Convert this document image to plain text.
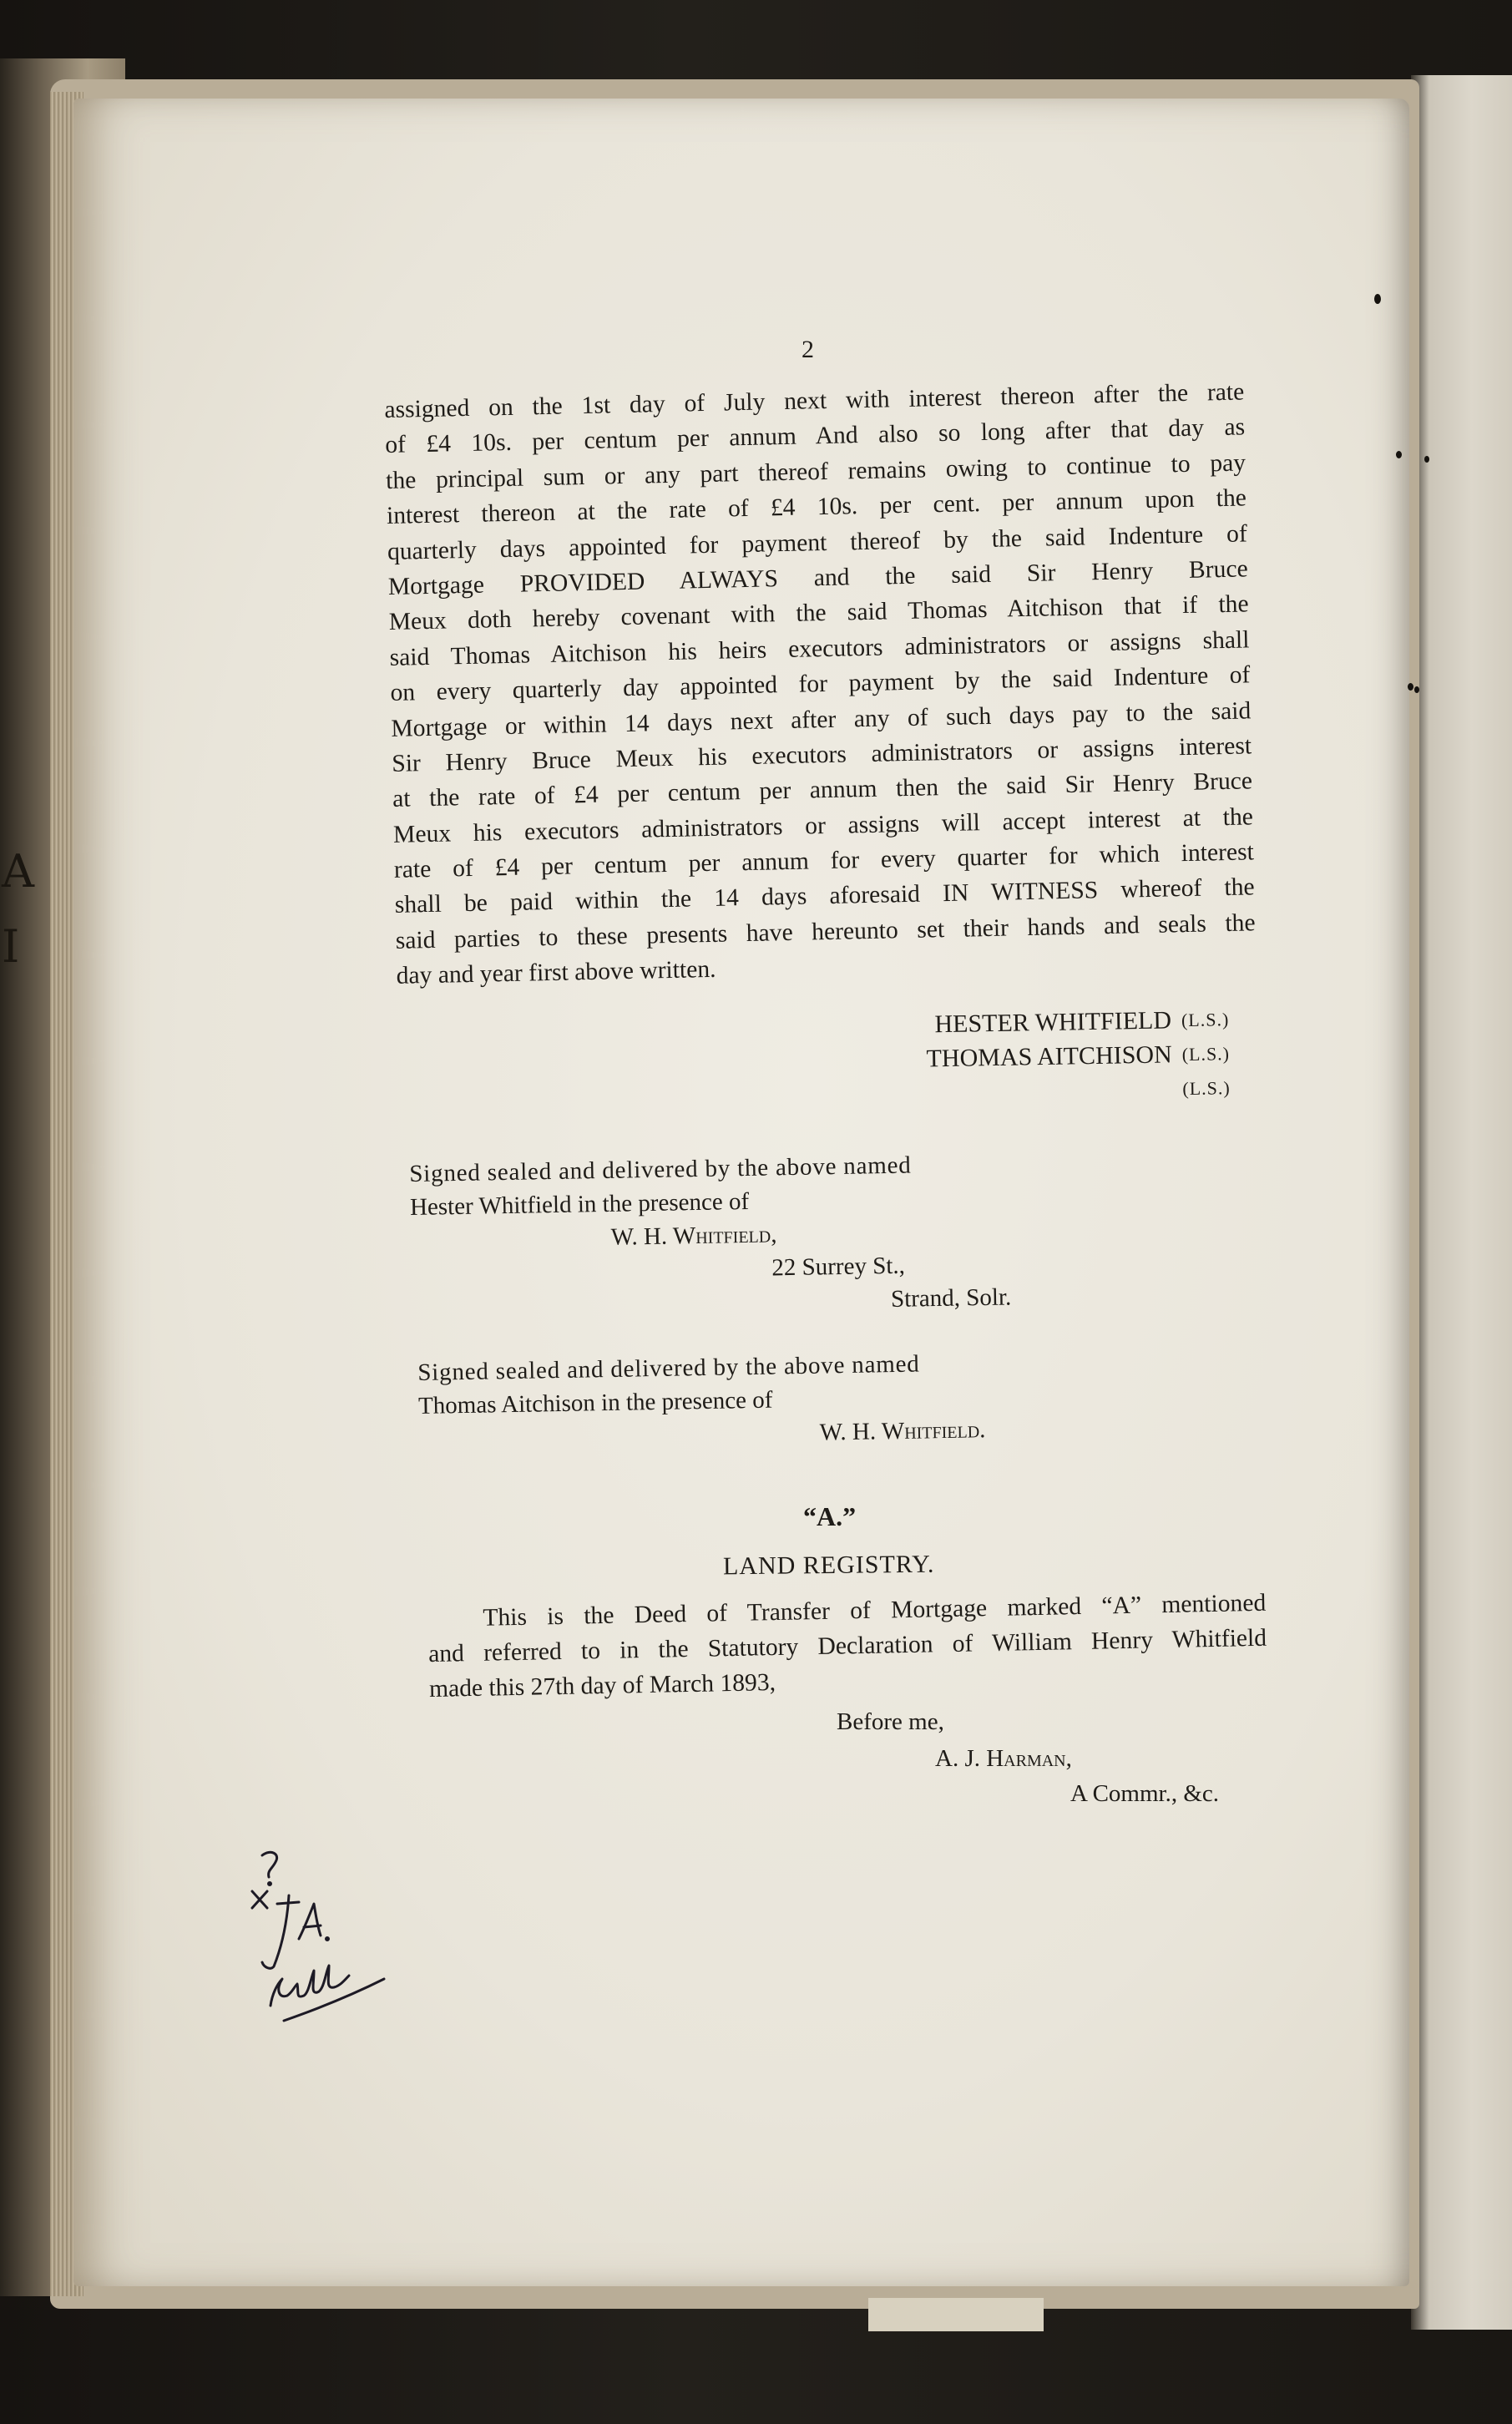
A
I
2
assigned on the 1st day of July next with interest thereon after the rate
of £4 10s. per centum per annum And also so long after that day as
the principal sum or any part thereof remains owing to continue to pay
interest thereon at the rate of £4 10s. per cent. per annum upon the
quarterly days appointed for payment thereof by the said Indenture of
Mortgage PROVIDED ALWAYS and the said Sir Henry Bruce
Meux doth hereby covenant with the said Thomas Aitchison that if the
said Thomas Aitchison his heirs executors administrators or assigns shall
on every quarterly day appointed for payment by the said Indenture of
Mortgage or within 14 days next after any of such days pay to the said
Sir Henry Bruce Meux his executors administrators or assigns interest
at the rate of £4 per centum per annum then the said Sir Henry Bruce
Meux his executors administrators or assigns will accept interest at the
rate of £4 per centum per annum for every quarter for which interest
shall be paid within the 14 days aforesaid IN WITNESS whereof the
said parties to these presents have hereunto set their hands and seals the
day and year first above written.
HESTER WHITFIELD (L.S.)
THOMAS AITCHISON (L.S.)
(L.S.)
Signed sealed and delivered by the above named
Hester Whitfield in the presence of
W. H. Whitfield,
22 Surrey St.,
Strand, Solr.
Signed sealed and delivered by the above named
Thomas Aitchison in the presence of
W. H. Whitfield.
“A.”
LAND REGISTRY.
This is the Deed of Transfer of Mortgage marked “A” mentioned
and referred to in the Statutory Declaration of William Henry Whitfield
made this 27th day of March 1893,
Before me,
A. J. Harman,
A Commr., &c.
